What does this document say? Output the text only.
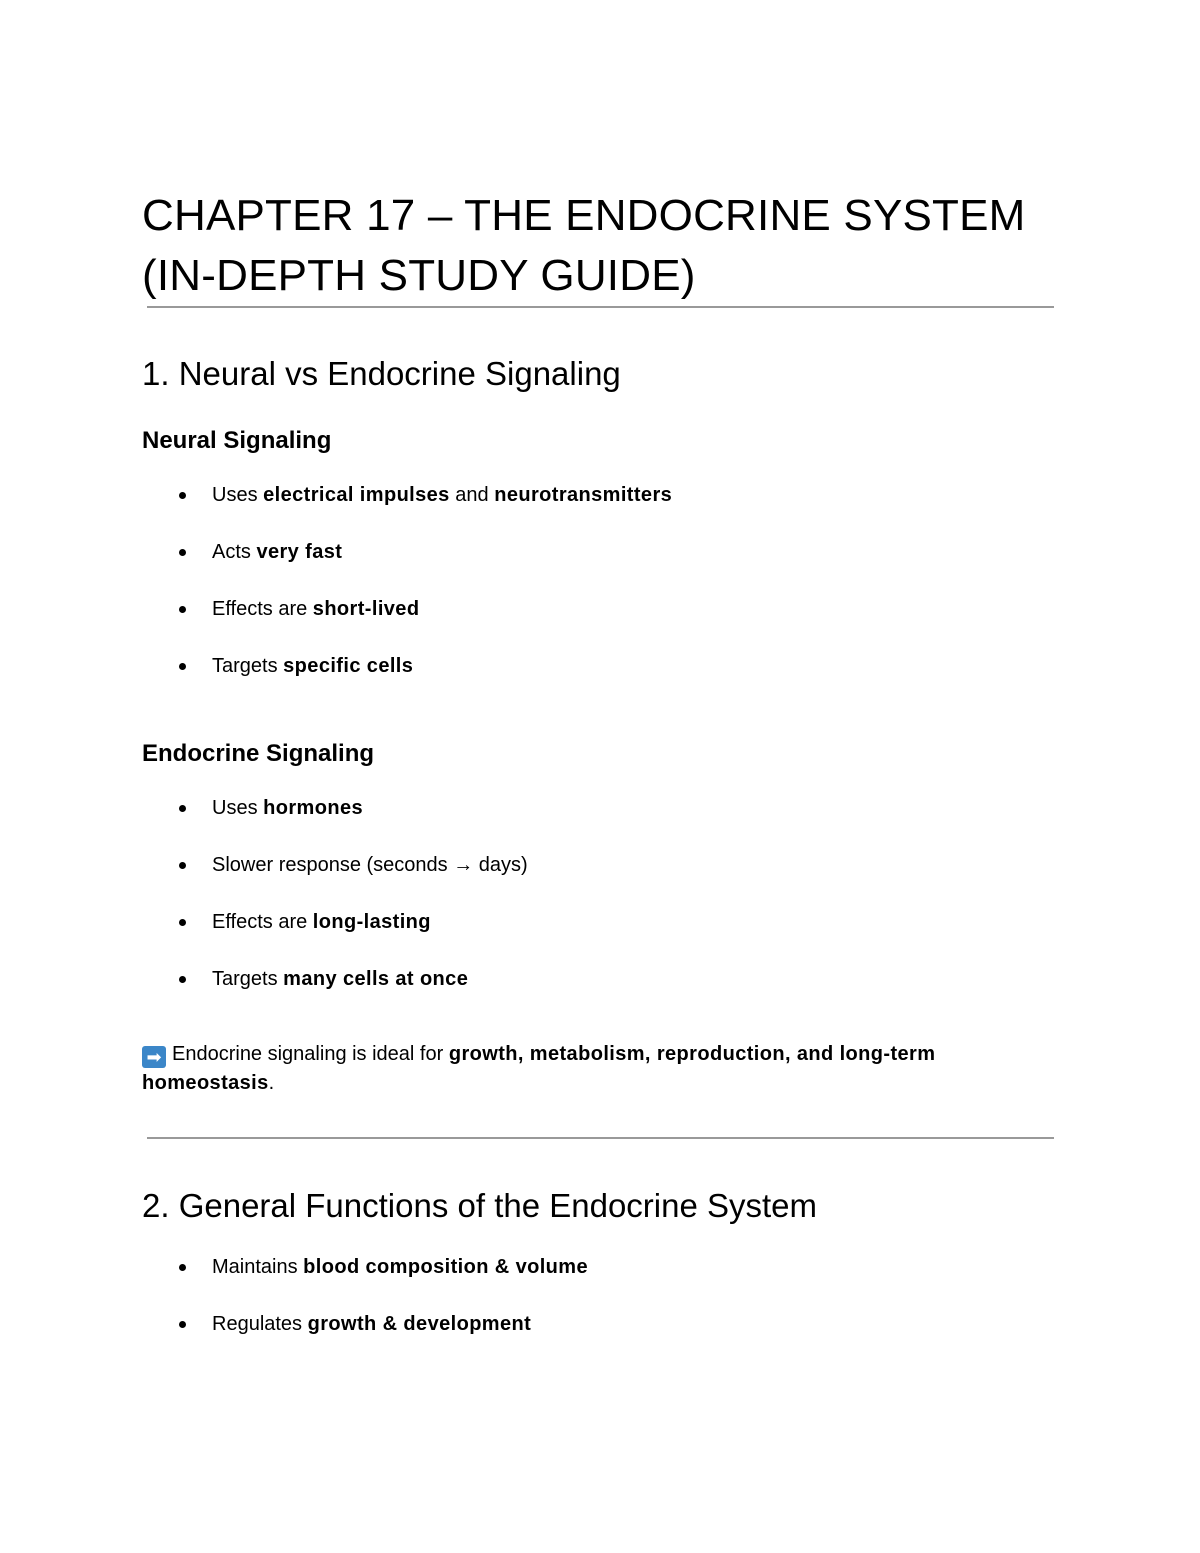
CHAPTER 17 – THE ENDOCRINE SYSTEM
(IN-DEPTH STUDY GUIDE)
1. Neural vs Endocrine Signaling
Neural Signaling
Uses electrical impulses and neurotransmitters
Acts very fast
Effects are short-lived
Targets specific cells
Endocrine Signaling
Uses hormones
Slower response (seconds → days)
Effects are long-lasting
Targets many cells at once

➡ Endocrine signaling is ideal for growth, metabolism, reproduction, and long-term homeostasis.

2. General Functions of the Endocrine System
Maintains blood composition & volume
Regulates growth & development
